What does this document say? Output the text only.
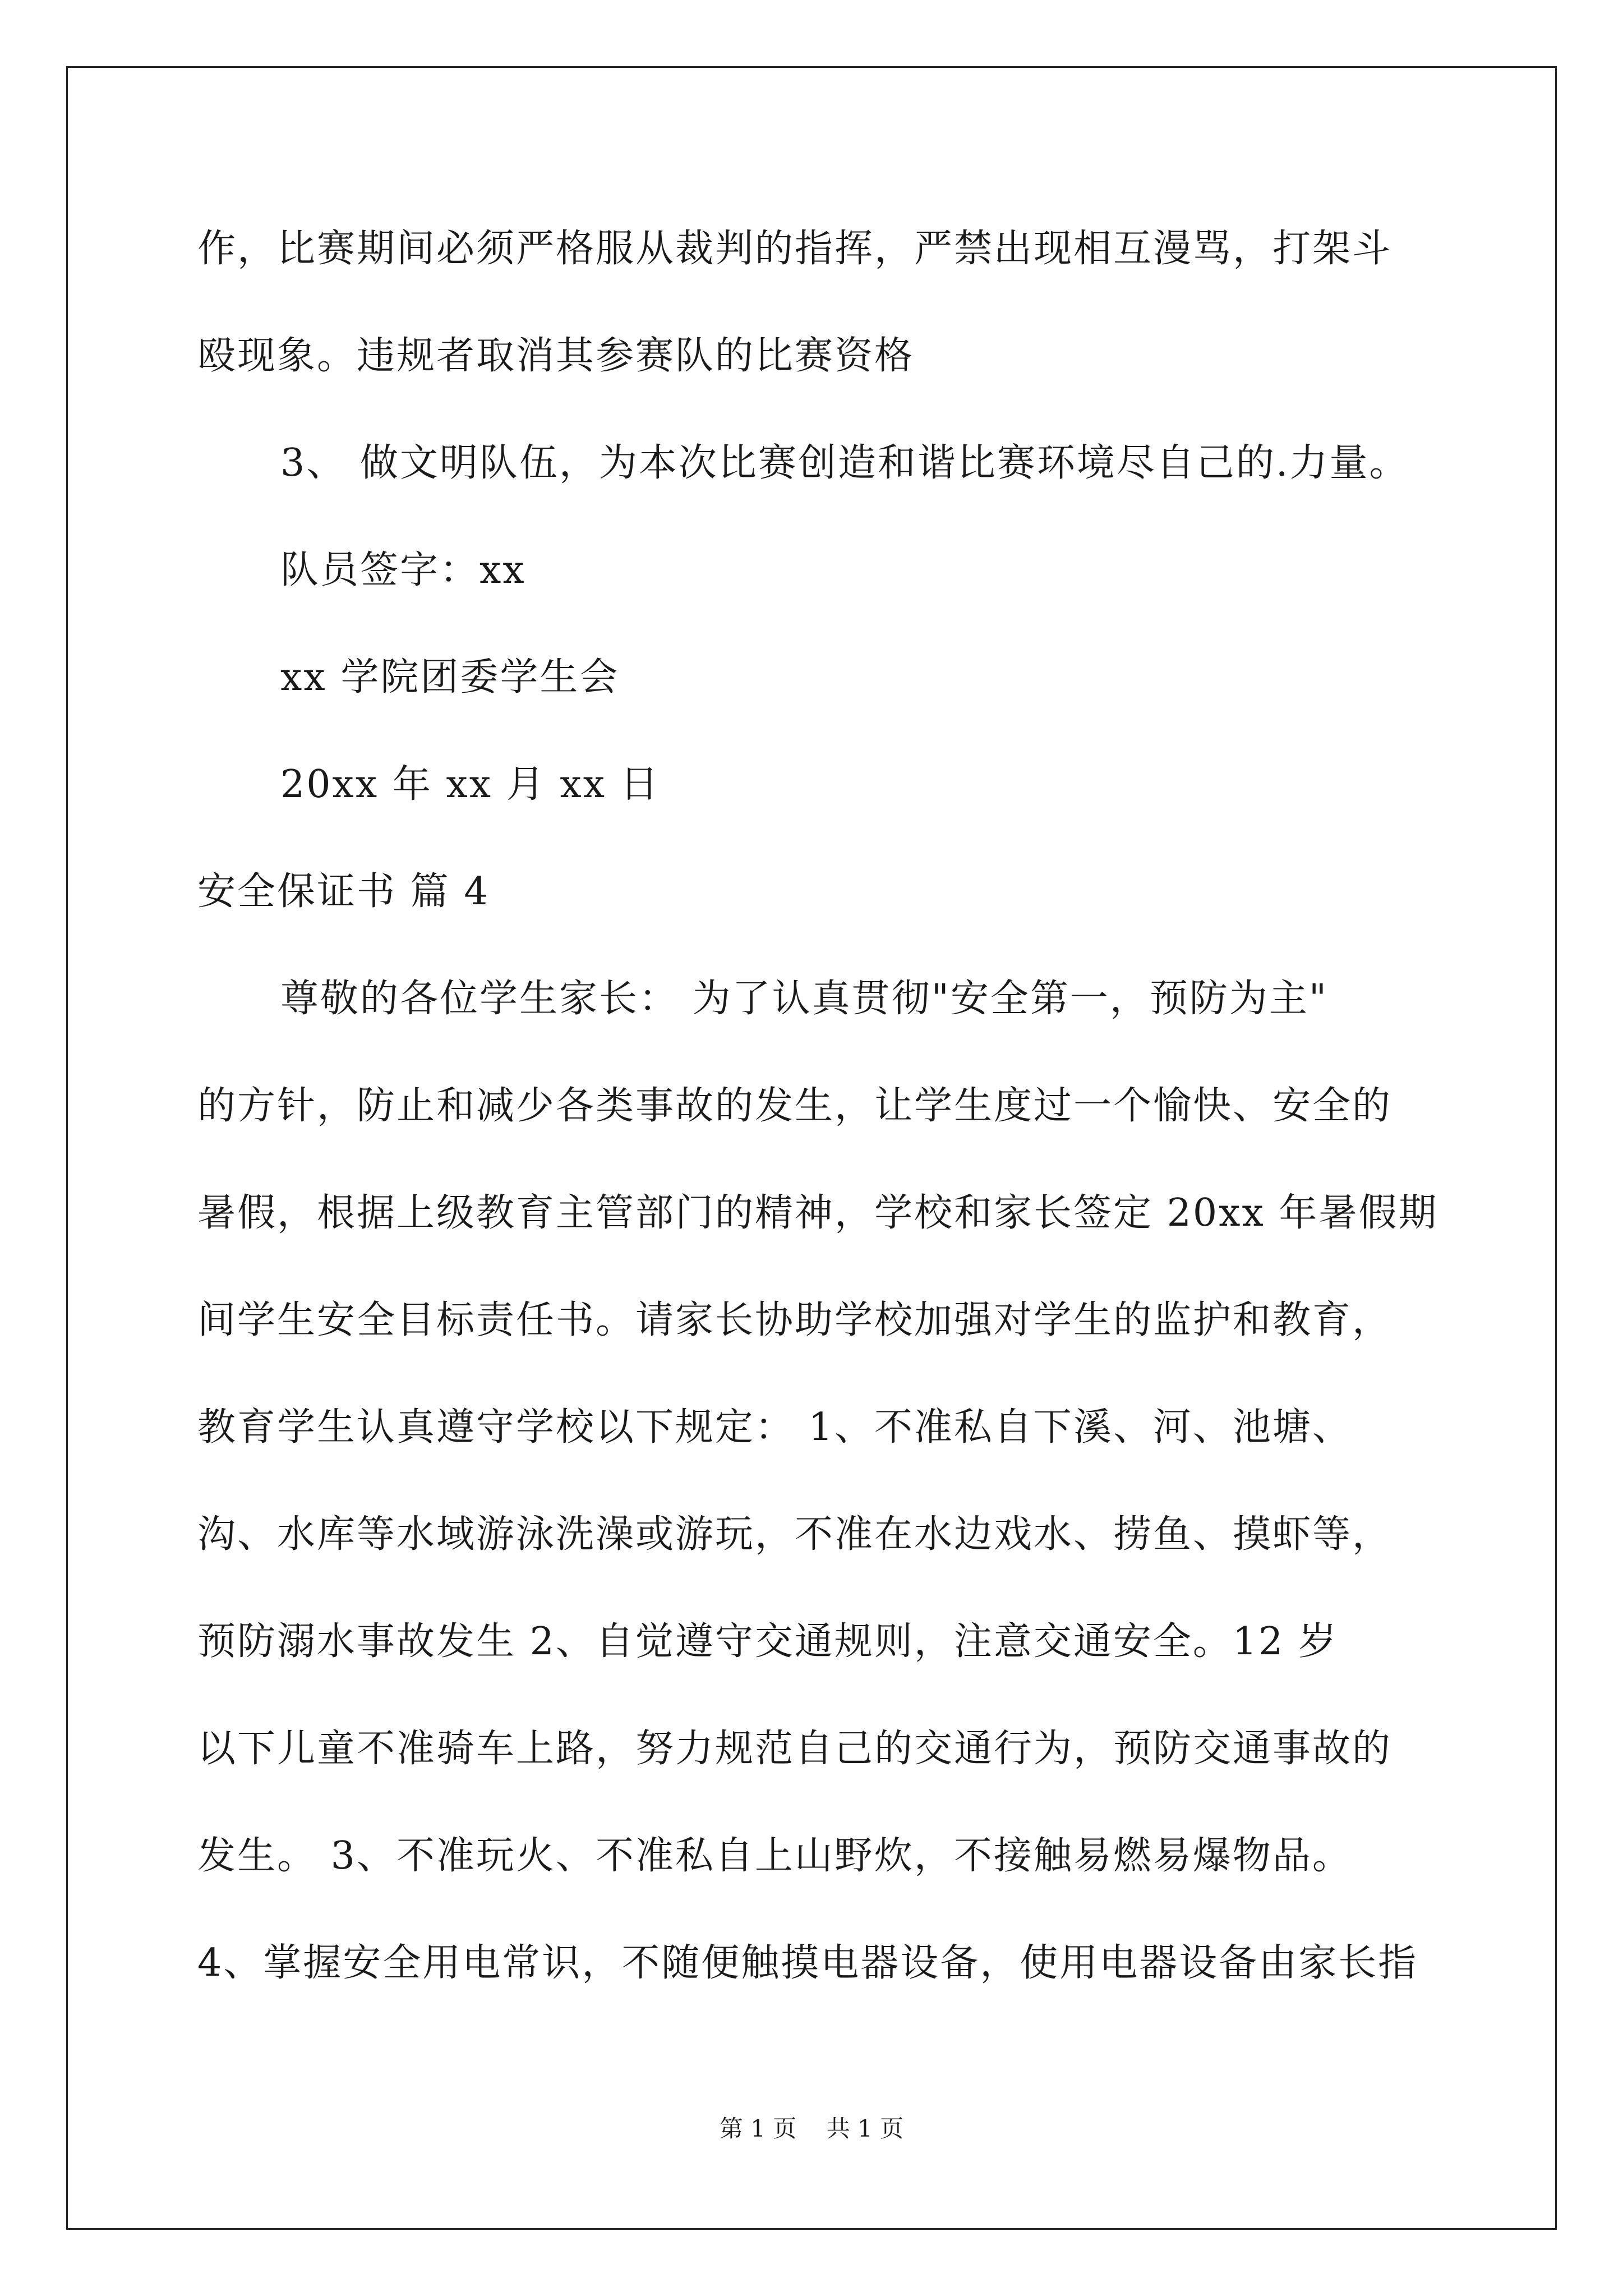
作，比赛期间必须严格服从裁判的指挥，严禁出现相互漫骂，打架斗
殴现象。违规者取消其参赛队的比赛资格
3、 做文明队伍，为本次比赛创造和谐比赛环境尽自己的.力量。
队员签字：xx
xx 学院团委学生会
20xx 年 xx 月 xx 日
安全保证书 篇 4
尊敬的各位学生家长： 为了认真贯彻"安全第一，预防为主"
的方针，防止和减少各类事故的发生，让学生度过一个愉快、安全的
暑假，根据上级教育主管部门的精神，学校和家长签定 20xx 年暑假期
间学生安全目标责任书。请家长协助学校加强对学生的监护和教育，
教育学生认真遵守学校以下规定： 1、不准私自下溪、河、池塘、
沟、水库等水域游泳洗澡或游玩，不准在水边戏水、捞鱼、摸虾等，
预防溺水事故发生 2、自觉遵守交通规则，注意交通安全。12 岁
以下儿童不准骑车上路，努力规范自己的交通行为，预防交通事故的
发生。 3、不准玩火、不准私自上山野炊，不接触易燃易爆物品。
4、掌握安全用电常识，不随便触摸电器设备，使用电器设备由家长指
第 1 页    共 1 页
